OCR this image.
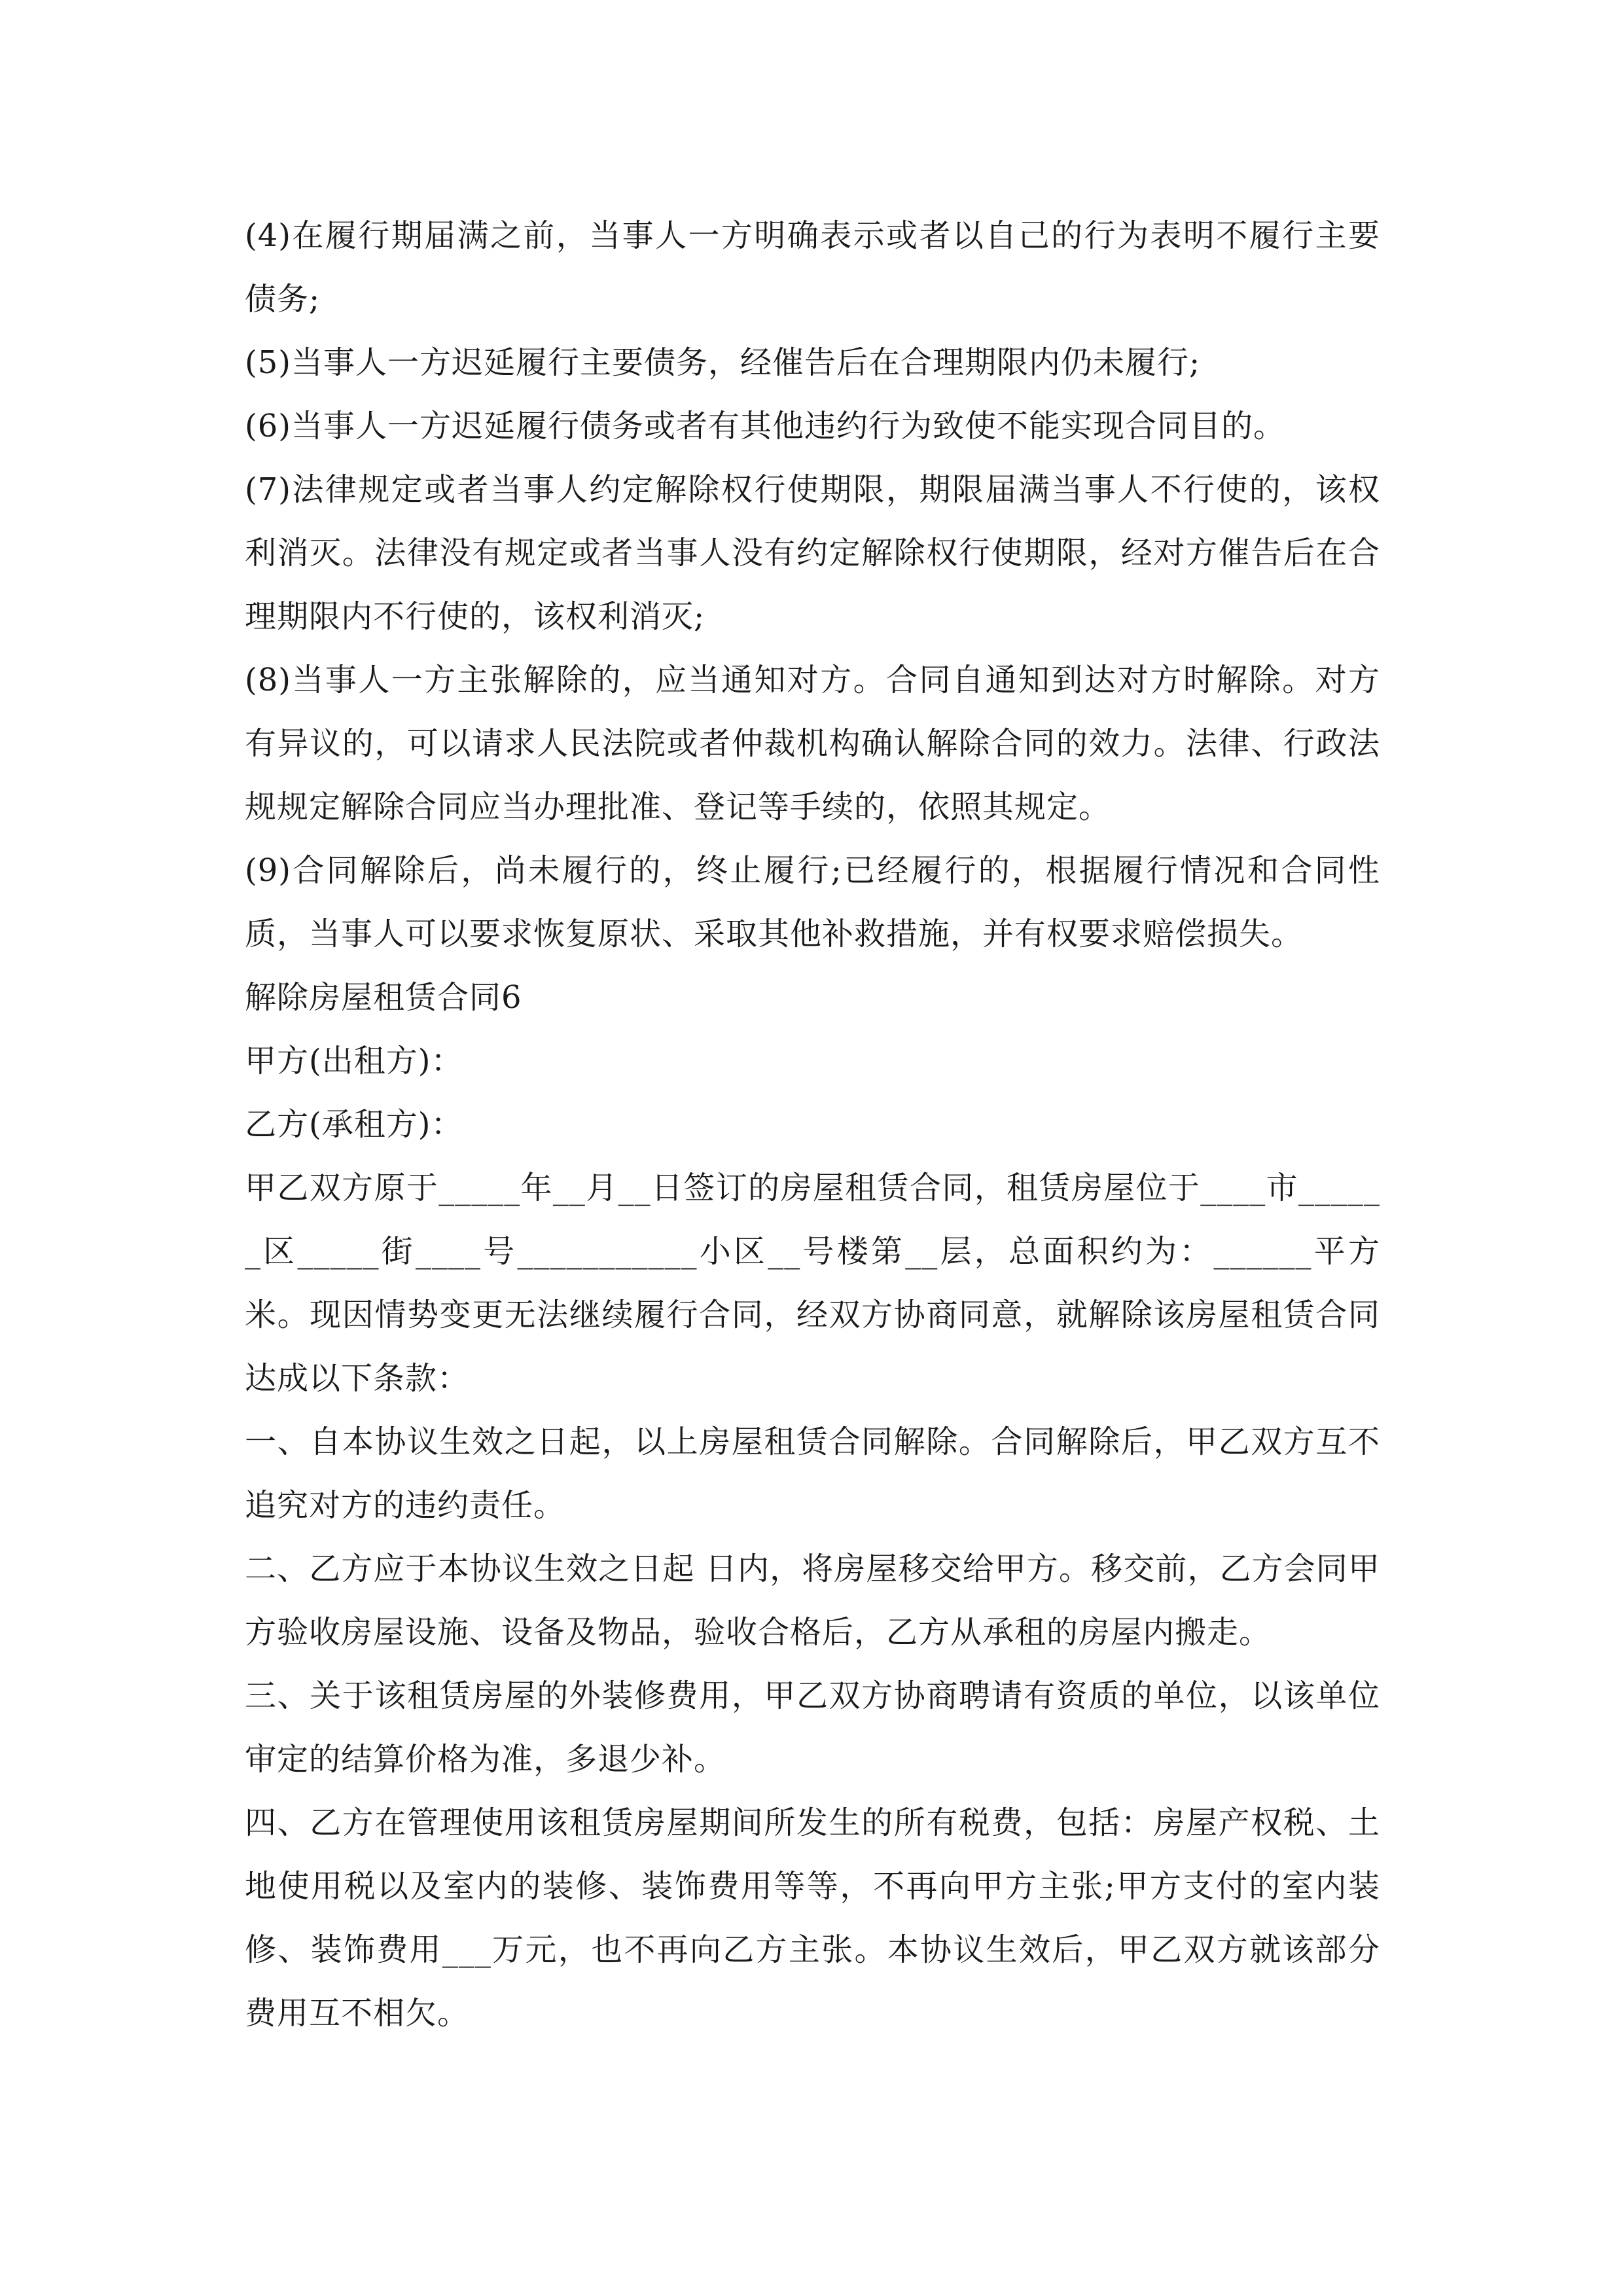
(4)在履行期届满之前，当事人一方明确表示或者以自己的行为表明不履行主要债务;

(5)当事人一方迟延履行主要债务，经催告后在合理期限内仍未履行;

(6)当事人一方迟延履行债务或者有其他违约行为致使不能实现合同目的。

(7)法律规定或者当事人约定解除权行使期限，期限届满当事人不行使的，该权利消灭。法律没有规定或者当事人没有约定解除权行使期限，经对方催告后在合理期限内不行使的，该权利消灭;

(8)当事人一方主张解除的，应当通知对方。合同自通知到达对方时解除。对方有异议的，可以请求人民法院或者仲裁机构确认解除合同的效力。法律、行政法规规定解除合同应当办理批准、登记等手续的，依照其规定。

(9)合同解除后，尚未履行的，终止履行;已经履行的，根据履行情况和合同性质，当事人可以要求恢复原状、采取其他补救措施，并有权要求赔偿损失。

解除房屋租赁合同6

甲方(出租方)：

乙方(承租方)：

甲乙双方原于_____年__月__日签订的房屋租赁合同，租赁房屋位于____市______区_____街____号___________小区__号楼第__层，总面积约为：______平方米。现因情势变更无法继续履行合同，经双方协商同意，就解除该房屋租赁合同达成以下条款：

一、自本协议生效之日起，以上房屋租赁合同解除。合同解除后，甲乙双方互不追究对方的违约责任。

二、乙方应于本协议生效之日起 日内，将房屋移交给甲方。移交前，乙方会同甲方验收房屋设施、设备及物品，验收合格后，乙方从承租的房屋内搬走。

三、关于该租赁房屋的外装修费用，甲乙双方协商聘请有资质的单位，以该单位审定的结算价格为准，多退少补。

四、乙方在管理使用该租赁房屋期间所发生的所有税费，包括：房屋产权税、土地使用税以及室内的装修、装饰费用等等，不再向甲方主张;甲方支付的室内装修、装饰费用___万元，也不再向乙方主张。本协议生效后，甲乙双方就该部分费用互不相欠。
